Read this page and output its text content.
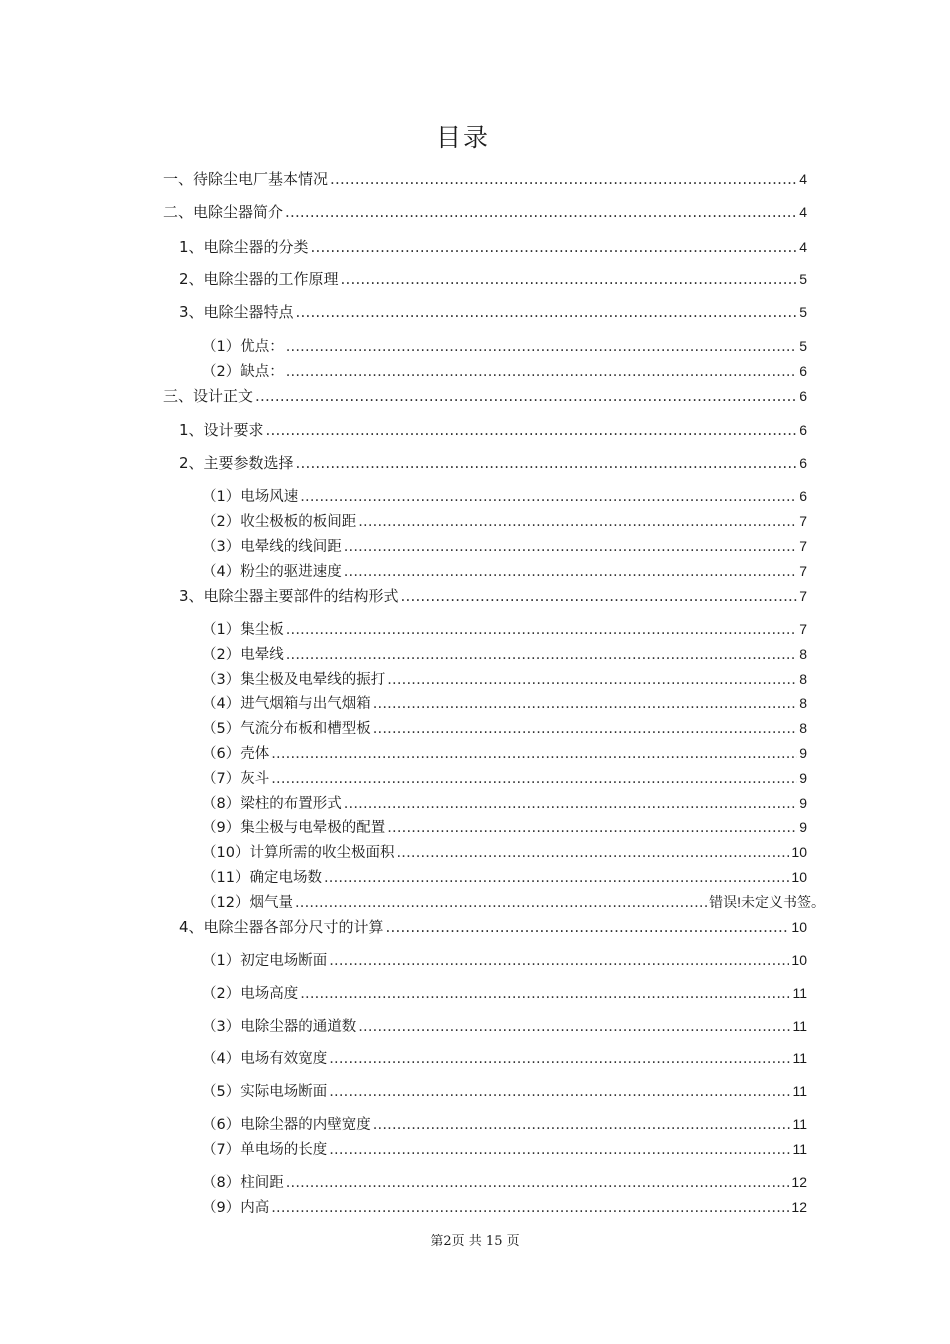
目录
一、待除尘电厂基本情况 .....	4
二、电除尘器简介 .....	4
1、电除尘器的分类 .....	4
2、电除尘器的工作原理 .....	5
3、电除尘器特点 .....	5
（1）优点： .....	5
（2）缺点： .....	6
三、设计正文 .....	6
1、设计要求 .....	6
2、主要参数选择 .....	6
（1）电场风速 .....	6
（2）收尘极板的板间距 .....	7
（3）电晕线的线间距 .....	7
（4）粉尘的驱进速度 .....	7
3、电除尘器主要部件的结构形式 .....	7
（1）集尘板 .....	7
（2）电晕线 .....	8
（3）集尘极及电晕线的振打 .....	8
（4）进气烟箱与出气烟箱 .....	8
（5）气流分布板和槽型板 .....	8
（6）壳体 .....	9
（7）灰斗 .....	9
（8）梁柱的布置形式 .....	9
（9）集尘极与电晕极的配置 .....	9
（10）计算所需的收尘极面积 .....	10
（11）确定电场数 .....	10
（12）烟气量 .....	错误!未定义书签。
4、电除尘器各部分尺寸的计算 .....	10
（1）初定电场断面 .....	10
（2）电场高度 .....	11
（3）电除尘器的通道数 .....	11
（4）电场有效宽度 .....	11
（5）实际电场断面 .....	11
（6）电除尘器的内壁宽度 .....	11
（7）单电场的长度 .....	11
（8）柱间距 .....	12
（9）内高 .....	12
第2页 共 15 页
